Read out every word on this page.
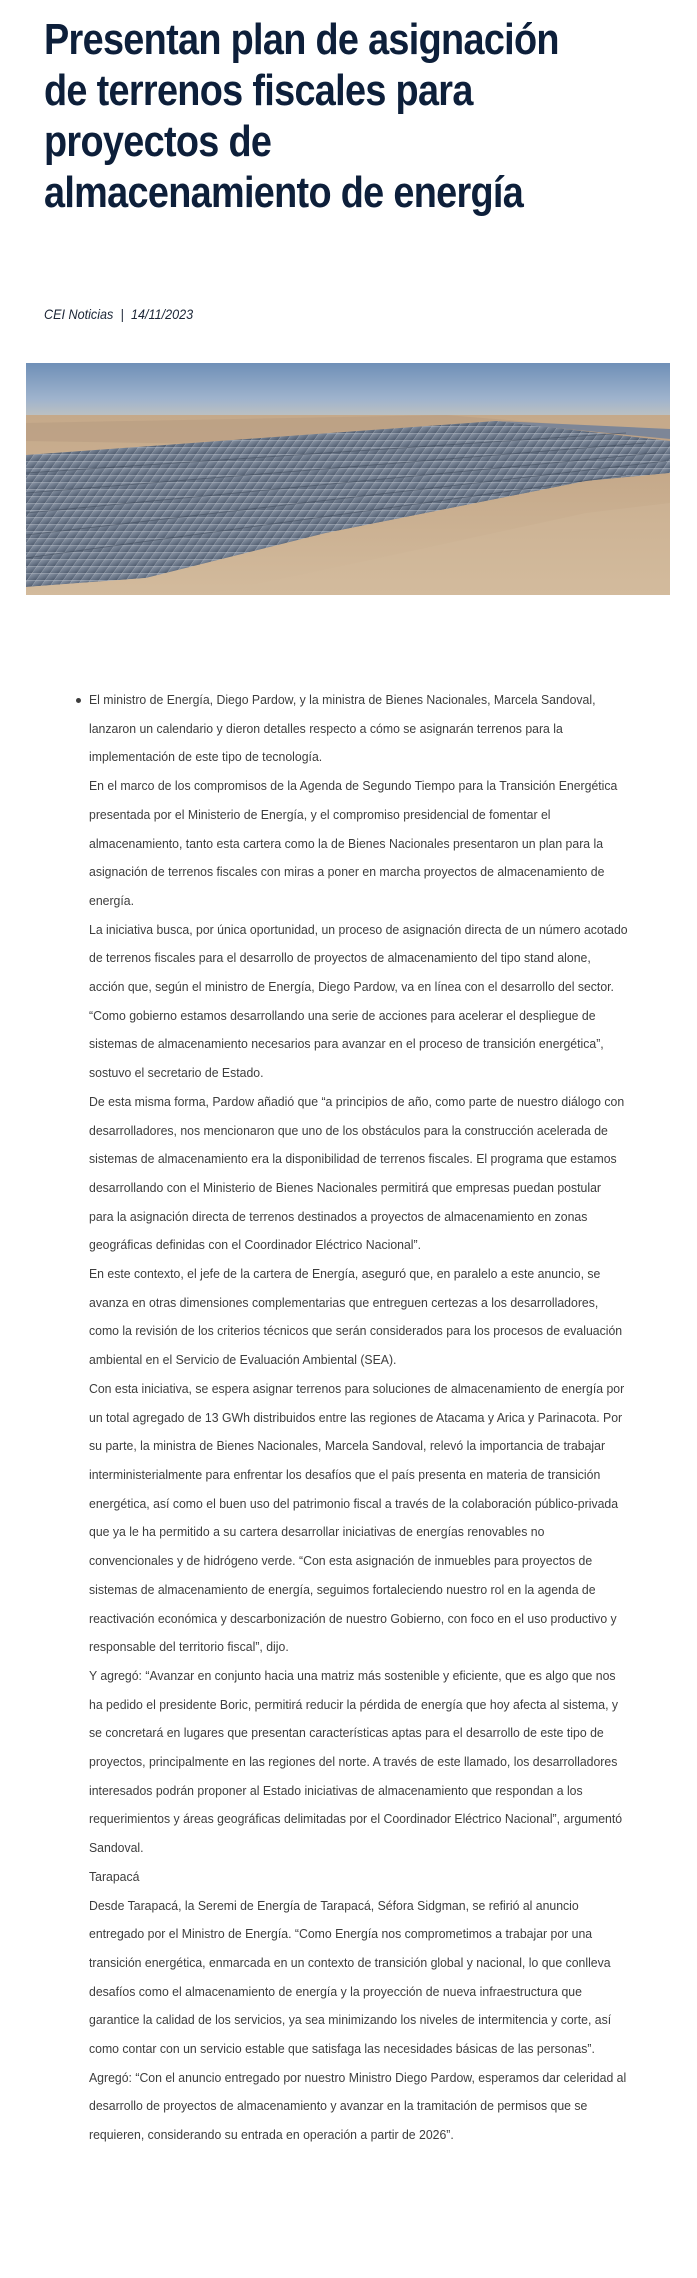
Presentan plan de asignación de terrenos fiscales para proyectos de almacenamiento de energía
CEI Noticias | 14/11/2023

El ministro de Energía, Diego Pardow, y la ministra de Bienes Nacionales, Marcela Sandoval, lanzaron un calendario y dieron detalles respecto a cómo se asignarán terrenos para la implementación de este tipo de tecnología.

En el marco de los compromisos de la Agenda de Segundo Tiempo para la Transición Energética presentada por el Ministerio de Energía, y el compromiso presidencial de fomentar el almacenamiento, tanto esta cartera como la de Bienes Nacionales presentaron un plan para la asignación de terrenos fiscales con miras a poner en marcha proyectos de almacenamiento de energía.

La iniciativa busca, por única oportunidad, un proceso de asignación directa de un número acotado de terrenos fiscales para el desarrollo de proyectos de almacenamiento del tipo stand alone, acción que, según el ministro de Energía, Diego Pardow, va en línea con el desarrollo del sector.

“Como gobierno estamos desarrollando una serie de acciones para acelerar el despliegue de sistemas de almacenamiento necesarios para avanzar en el proceso de transición energética”, sostuvo el secretario de Estado.

De esta misma forma, Pardow añadió que “a principios de año, como parte de nuestro diálogo con desarrolladores, nos mencionaron que uno de los obstáculos para la construcción acelerada de sistemas de almacenamiento era la disponibilidad de terrenos fiscales. El programa que estamos desarrollando con el Ministerio de Bienes Nacionales permitirá que empresas puedan postular para la asignación directa de terrenos destinados a proyectos de almacenamiento en zonas geográficas definidas con el Coordinador Eléctrico Nacional”.

En este contexto, el jefe de la cartera de Energía, aseguró que, en paralelo a este anuncio, se avanza en otras dimensiones complementarias que entreguen certezas a los desarrolladores, como la revisión de los criterios técnicos que serán considerados para los procesos de evaluación ambiental en el Servicio de Evaluación Ambiental (SEA).

Con esta iniciativa, se espera asignar terrenos para soluciones de almacenamiento de energía por un total agregado de 13 GWh distribuidos entre las regiones de Atacama y Arica y Parinacota. Por su parte, la ministra de Bienes Nacionales, Marcela Sandoval, relevó la importancia de trabajar interministerialmente para enfrentar los desafíos que el país presenta en materia de transición energética, así como el buen uso del patrimonio fiscal a través de la colaboración público-privada que ya le ha permitido a su cartera desarrollar iniciativas de energías renovables no convencionales y de hidrógeno verde. “Con esta asignación de inmuebles para proyectos de sistemas de almacenamiento de energía, seguimos fortaleciendo nuestro rol en la agenda de reactivación económica y descarbonización de nuestro Gobierno, con foco en el uso productivo y responsable del territorio fiscal”, dijo.

Y agregó: “Avanzar en conjunto hacia una matriz más sostenible y eficiente, que es algo que nos ha pedido el presidente Boric, permitirá reducir la pérdida de energía que hoy afecta al sistema, y se concretará en lugares que presentan características aptas para el desarrollo de este tipo de proyectos, principalmente en las regiones del norte. A través de este llamado, los desarrolladores interesados podrán proponer al Estado iniciativas de almacenamiento que respondan a los requerimientos y áreas geográficas delimitadas por el Coordinador Eléctrico Nacional”, argumentó Sandoval.

Tarapacá

Desde Tarapacá, la Seremi de Energía de Tarapacá, Séfora Sidgman, se refirió al anuncio entregado por el Ministro de Energía. “Como Energía nos comprometimos a trabajar por una transición energética, enmarcada en un contexto de transición global y nacional, lo que conlleva desafíos como el almacenamiento de energía y la proyección de nueva infraestructura que garantice la calidad de los servicios, ya sea minimizando los niveles de intermitencia y corte, así como contar con un servicio estable que satisfaga las necesidades básicas de las personas”.

Agregó: “Con el anuncio entregado por nuestro Ministro Diego Pardow, esperamos dar celeridad al desarrollo de proyectos de almacenamiento y avanzar en la tramitación de permisos que se requieren, considerando su entrada en operación a partir de 2026”.
